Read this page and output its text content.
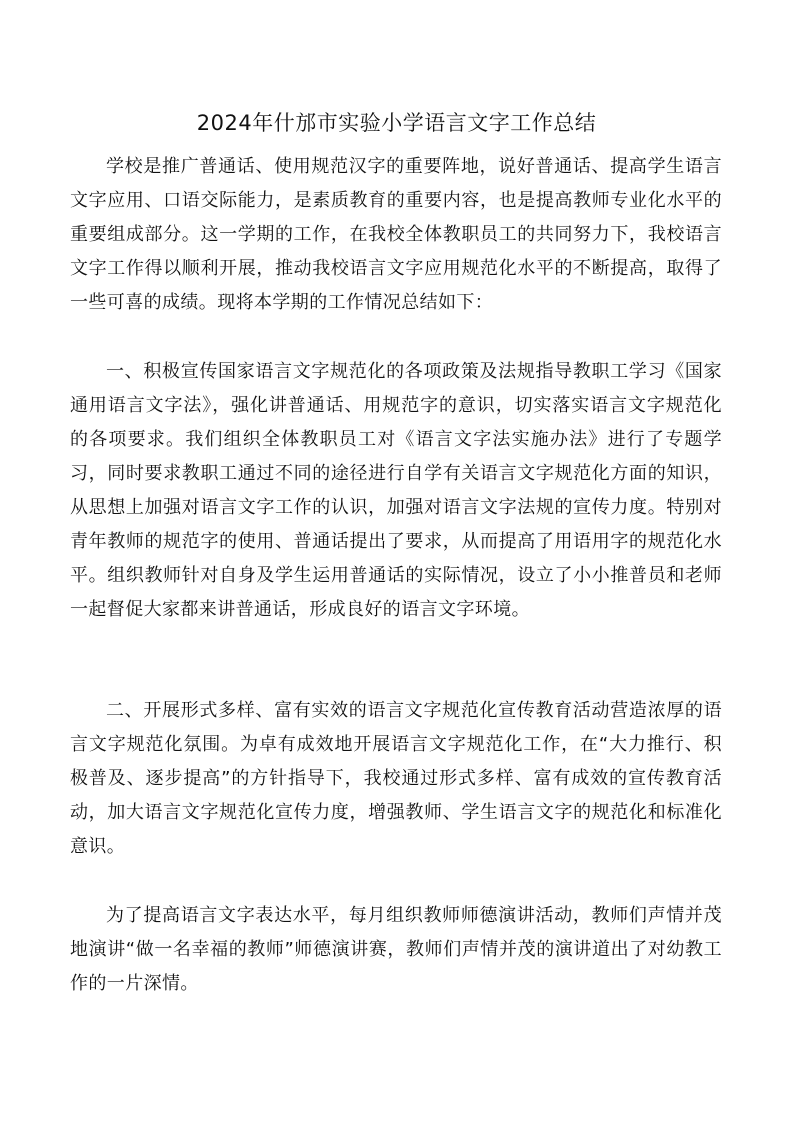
2024年什邡市实验小学语言文字工作总结

学校是推广普通话、使用规范汉字的重要阵地，说好普通话、提高学生语言文字应用、口语交际能力，是素质教育的重要内容，也是提高教师专业化水平的重要组成部分。这一学期的工作，在我校全体教职员工的共同努力下，我校语言文字工作得以顺利开展，推动我校语言文字应用规范化水平的不断提高，取得了一些可喜的成绩。现将本学期的工作情况总结如下：

一、积极宣传国家语言文字规范化的各项政策及法规指导教职工学习《国家通用语言文字法》，强化讲普通话、用规范字的意识，切实落实语言文字规范化的各项要求。我们组织全体教职员工对《语言文字法实施办法》进行了专题学习，同时要求教职工通过不同的途径进行自学有关语言文字规范化方面的知识，从思想上加强对语言文字工作的认识，加强对语言文字法规的宣传力度。特别对青年教师的规范字的使用、普通话提出了要求，从而提高了用语用字的规范化水平。组织教师针对自身及学生运用普通话的实际情况，设立了小小推普员和老师一起督促大家都来讲普通话，形成良好的语言文字环境。

二、开展形式多样、富有实效的语言文字规范化宣传教育活动营造浓厚的语言文字规范化氛围。为卓有成效地开展语言文字规范化工作，在“大力推行、积极普及、逐步提高”的方针指导下，我校通过形式多样、富有成效的宣传教育活动，加大语言文字规范化宣传力度，增强教师、学生语言文字的规范化和标准化意识。

为了提高语言文字表达水平，每月组织教师师德演讲活动，教师们声情并茂地演讲“做一名幸福的教师”师德演讲赛，教师们声情并茂的演讲道出了对幼教工作的一片深情。
